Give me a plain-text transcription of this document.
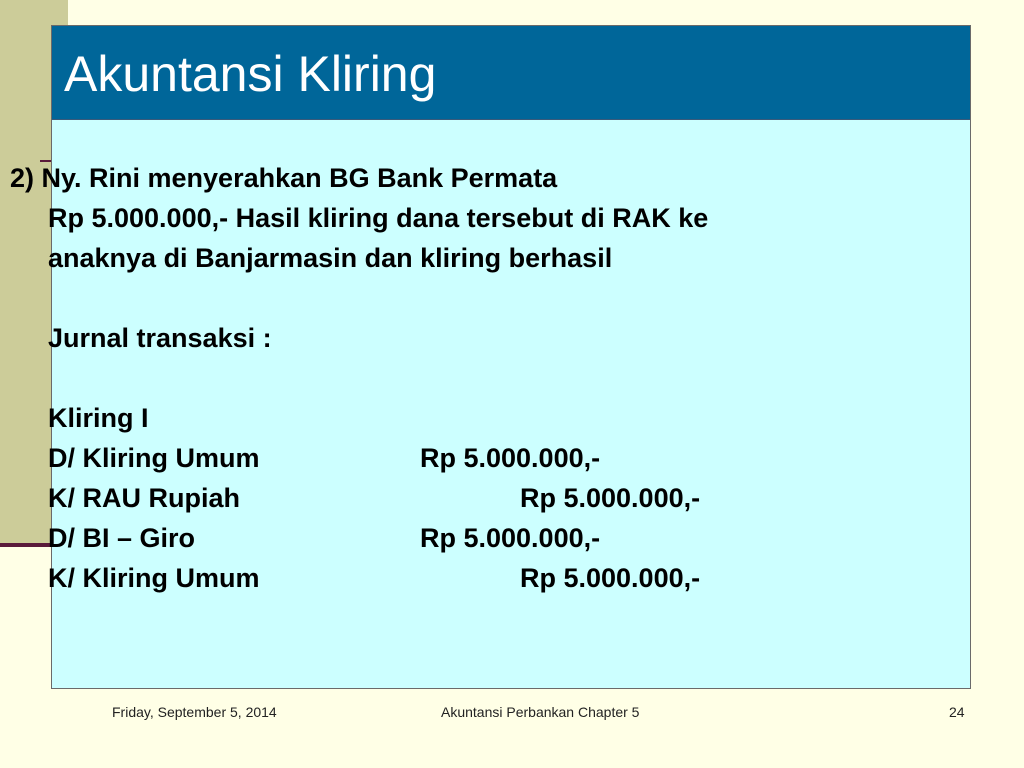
Akuntansi Kliring
2) Ny. Rini menyerahkan BG Bank Permata
Rp 5.000.000,- Hasil kliring dana tersebut di RAK ke
anaknya di Banjarmasin dan kliring berhasil
Jurnal transaksi :
Kliring I
D/ Kliring Umum	Rp 5.000.000,-
K/ RAU Rupiah	Rp 5.000.000,-
D/ BI – Giro	Rp 5.000.000,-
K/ Kliring Umum	Rp 5.000.000,-
Friday, September 5, 2014	Akuntansi Perbankan Chapter 5	24
